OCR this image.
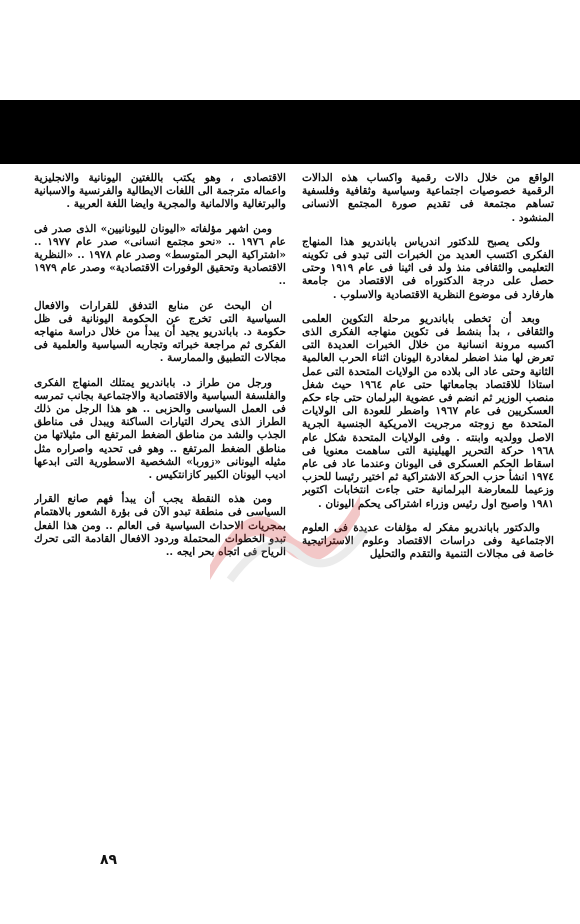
الواقع من خلال دالات رقمية واكساب هذه الدالات الرقمية خصوصيات اجتماعية وسياسية وثقافية وفلسفية تساهم مجتمعة فى تقديم صورة المجتمع الانسانى المنشود .

ولكى يصبح للدكتور اندرياس باباندريو هذا المنهاج الفكرى اكتسب العديد من الخبرات التى تبدو فى تكوينه التعليمى والثقافى منذ ولد فى اثينا فى عام ١٩١٩ وحتى حصل على درجة الدكتوراه فى الاقتصاد من جامعة هارفارد فى موضوع النظرية الاقتصادية والاسلوب .

وبعد أن تخطى باباندريو مرحلة التكوين العلمى والثقافى ، بدأ بنشط فى تكوين منهاجه الفكرى الذى اكسبه مرونة انسانية من خلال الخبرات العديدة التى تعرض لها منذ اضطر لمغادرة اليونان اثناء الحرب العالمية الثانية وحتى عاد الى بلاده من الولايات المتحدة التى عمل استاذا للاقتصاد بجامعاتها حتى عام ١٩٦٤ حيث شغل منصب الوزير ثم انضم فى عضوية البرلمان حتى جاء حكم العسكريين فى عام ١٩٦٧ واضطر للعودة الى الولايات المتحدة مع زوجته مرجريت الامريكية الجنسية الجرية الاصل وولديه وابنته . وفى الولايات المتحدة شكل عام ١٩٦٨ حركة التحرير الهيلينية التى ساهمت معنويا فى اسقاط الحكم العسكرى فى اليونان وعندما عاد فى عام ١٩٧٤ انشأ حزب الحركة الاشتراكية ثم اختير رئيسا للحزب وزعيما للمعارضة البرلمانية حتى جاءت انتخابات اكتوبر ١٩٨١ واصبح اول رئيس وزراء اشتراكى يحكم اليونان .

والدكتور باباندريو مفكر له مؤلفات عديدة فى العلوم الاجتماعية وفى دراسات الاقتصاد وعلوم الاستراتيجية خاصة فى مجالات التنمية والتقدم والتحليل

الاقتصادى ، وهو يكتب باللغتين اليونانية والانجليزية واعماله مترجمة الى اللغات الايطالية والفرنسية والاسبانية والبرتغالية والالمانية والمجرية وايضا اللغة العربية .

ومن اشهر مؤلفاته «اليونان لليونانيين» الذى صدر فى عام ١٩٧٦ .. «نحو مجتمع انسانى» صدر عام ١٩٧٧ .. «اشتراكية البحر المتوسط» وصدر عام ١٩٧٨ .. «النظرية الاقتصادية وتحقيق الوفورات الاقتصادية» وصدر عام ١٩٧٩ ..

ان البحث عن منابع التدفق للقرارات والافعال السياسية التى تخرج عن الحكومة اليونانية فى ظل حكومة د. باباندريو يجيد أن يبدأ من خلال دراسة منهاجه الفكرى ثم مراجعة خبراته وتجاربه السياسية والعلمية فى مجالات التطبيق والممارسة .

ورجل من طراز د. باباندريو يمتلك المنهاج الفكرى والفلسفة السياسية والاقتصادية والاجتماعية بجانب تمرسه فى العمل السياسى والحزبى .. هو هذا الرجل من ذلك الطراز الذى يحرك التيارات الساكنة ويبدل فى مناطق الجذب والشد من مناطق الضغط المرتفع الى مثيلاتها من مناطق الضغط المرتفع .. وهو فى تحديه واصراره مثل مثيله اليونانى «زوربا» الشخصية الاسطورية التى ابدعها اديب اليونان الكبير كازانتكيس .

ومن هذه النقطة يجب أن يبدأ فهم صانع القرار السياسى فى منطقة تبدو الآن فى بؤرة الشعور بالاهتمام بمجريات الاحداث السياسية فى العالم .. ومن هذا الفعل تبدو الخطوات المحتملة وردود الافعال القادمة التى تحرك الرياح فى اتجاه بحر ايجه ..

٨٩
